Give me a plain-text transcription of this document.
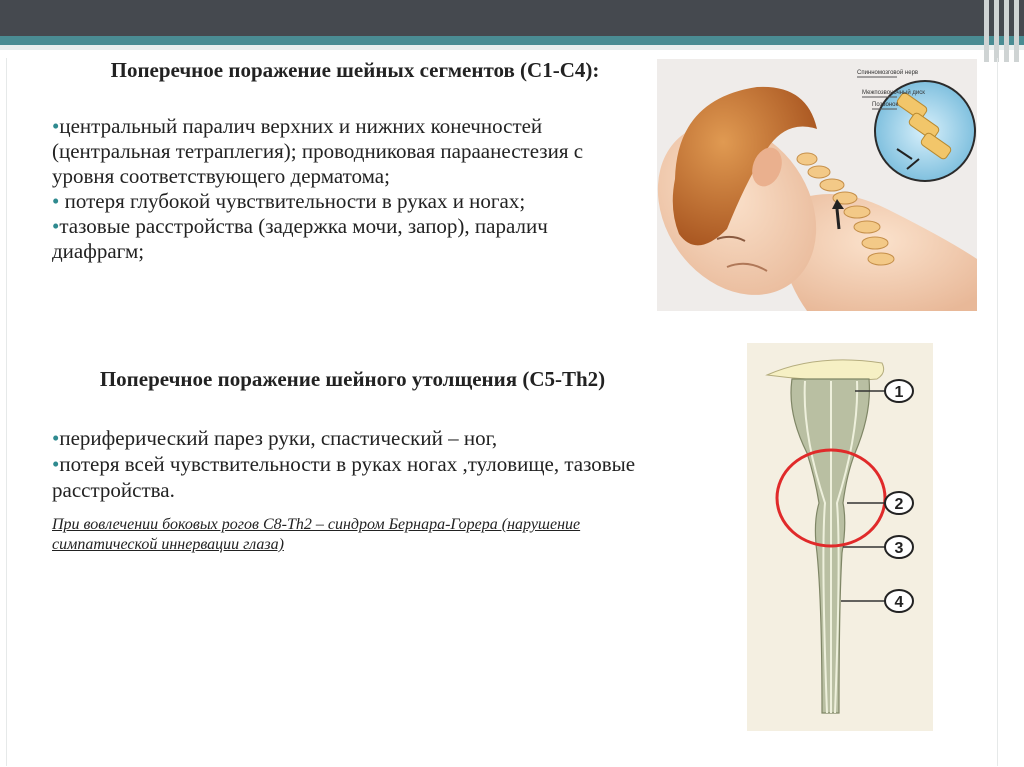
Поперечное поражение шейных сегментов (С1-С4):
•центральный паралич верхних и нижних конечностей (центральная тетраплегия); проводниковая параанестезия с уровня соответствующего дерматома;
• потеря глубокой чувствительности в руках и ногах;
•тазовые расстройства (задержка мочи, запор), паралич диафрагм;
Поперечное поражение шейного утолщения (С5-Th2)
•периферический парез руки, спастический – ног,
•потеря всей чувствительности в руках ногах ,туловище, тазовые расстройства.
При вовлечении боковых рогов С8-Th2 – синдром Бернара-Горера (нарушение симпатической иннервации глаза)
Спинномозговой нерв
Межпозвоночный диск
Позвонок
1
2
3
4
